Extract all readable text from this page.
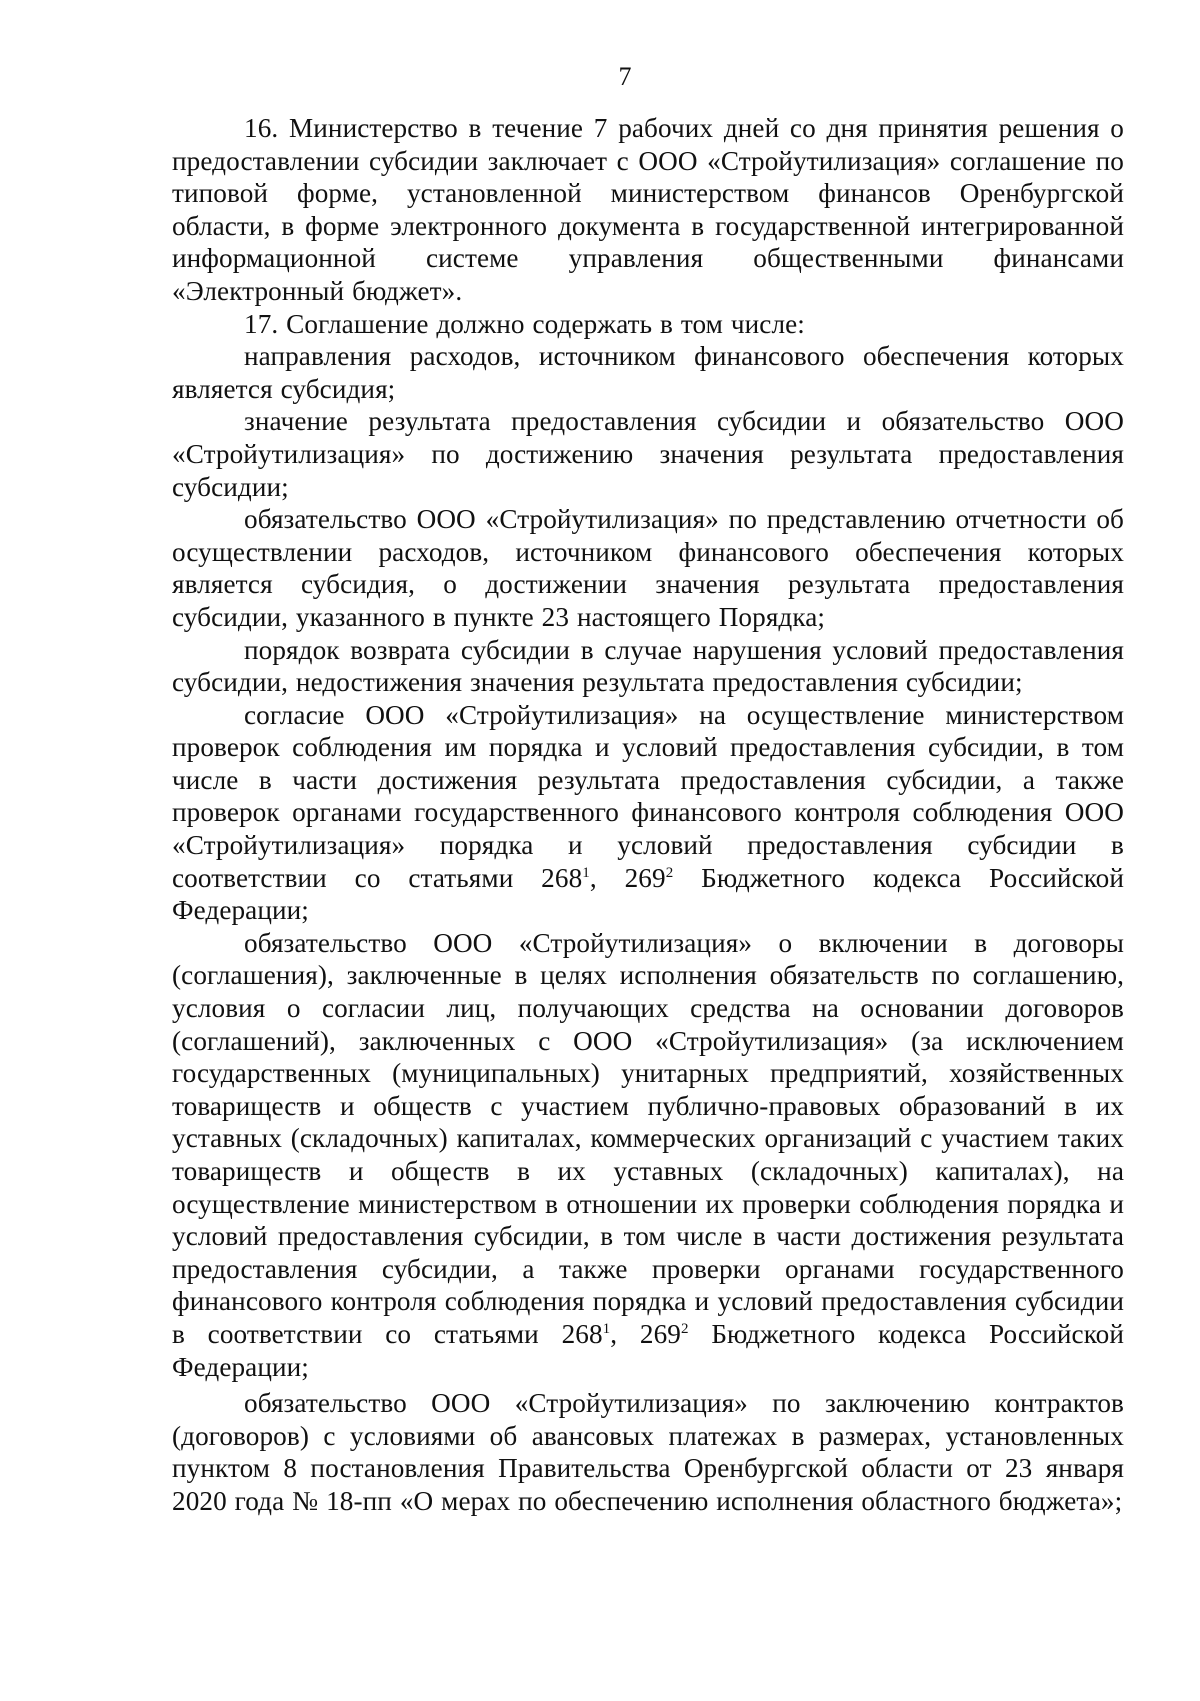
7

16. Министерство в течение 7 рабочих дней со дня принятия решения о предоставлении субсидии заключает с ООО «Стройутилизация» соглашение по типовой форме, установленной министерством финансов Оренбургской области, в форме электронного документа в государственной интегрированной информационной системе управления общественными финансами «Электронный бюджет».

17. Соглашение должно содержать в том числе:

направления расходов, источником финансового обеспечения которых является субсидия;

значение результата предоставления субсидии и обязательство ООО «Стройутилизация» по достижению значения результата предоставления субсидии;

обязательство ООО «Стройутилизация» по представлению отчетности об осуществлении расходов, источником финансового обеспечения которых является субсидия, о достижении значения результата предоставления субсидии, указанного в пункте 23 настоящего Порядка;

порядок возврата субсидии в случае нарушения условий предоставления субсидии, недостижения значения результата предоставления субсидии;

согласие ООО «Стройутилизация» на осуществление министерством проверок соблюдения им порядка и условий предоставления субсидии, в том числе в части достижения результата предоставления субсидии, а также проверок органами государственного финансового контроля соблюдения ООО «Стройутилизация» порядка и условий предоставления субсидии в соответствии со статьями $268^1$, $269^2$ Бюджетного кодекса Российской Федерации;

обязательство ООО «Стройутилизация» о включении в договоры (соглашения), заключенные в целях исполнения обязательств по соглашению, условия о согласии лиц, получающих средства на основании договоров (соглашений), заключенных с ООО «Стройутилизация» (за исключением государственных (муниципальных) унитарных предприятий, хозяйственных товариществ и обществ с участием публично-правовых образований в их уставных (складочных) капиталах, коммерческих организаций с участием таких товариществ и обществ в их уставных (складочных) капиталах), на осуществление министерством в отношении их проверки соблюдения порядка и условий предоставления субсидии, в том числе в части достижения результата предоставления субсидии, а также проверки органами государственного финансового контроля соблюдения порядка и условий предоставления субсидии в соответствии со статьями $268^1$, $269^2$ Бюджетного кодекса Российской Федерации;

обязательство ООО «Стройутилизация» по заключению контрактов (договоров) с условиями об авансовых платежах в размерах, установленных пунктом 8 постановления Правительства Оренбургской области от 23 января 2020 года № 18-пп «О мерах по обеспечению исполнения областного бюджета»;
